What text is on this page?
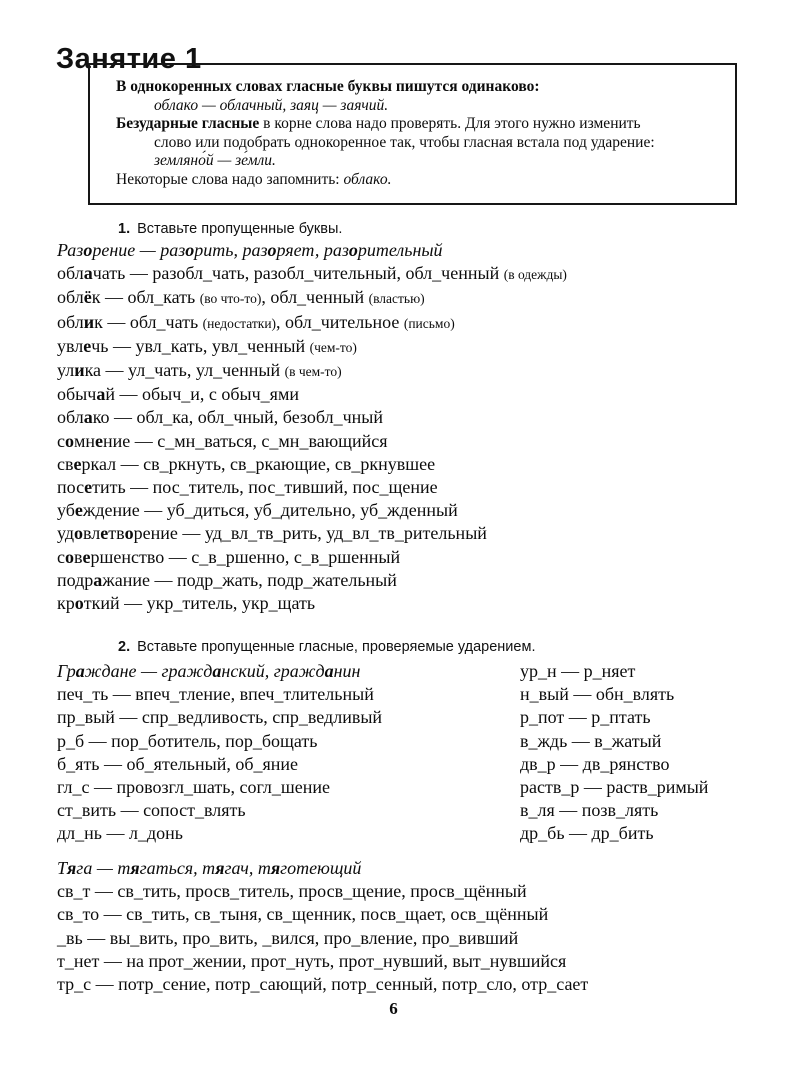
Занятие 1

В однокоренных словах гласные буквы пишутся одинаково:

облако — облачный, заяц — заячий.

Безударные гласные в корне слова надо проверять. Для этого нужно изменить

слово или подобрать однокоренное так, чтобы гласная встала под ударение:

земляно́й — зе́мли.

Некоторые слова надо запомнить: облако.

1. Вставьте пропущенные буквы.

Разорение — разорить, разоряет, разорительный

облачать — разобл_чать, разобл_чительный, обл_ченный (в одежды)

облёк — обл_кать (во что-то), обл_ченный (властью)

облик — обл_чать (недостатки), обл_чительное (письмо)

увлечь — увл_кать, увл_ченный (чем-то)

улика — ул_чать, ул_ченный (в чем-то)

обычай — обыч_и, с обыч_ями

облако — обл_ка, обл_чный, безобл_чный

сомнение — с_мн_ваться, с_мн_вающийся

сверкал — св_ркнуть, св_ркающие, св_ркнувшее

посетить — пос_титель, пос_тивший, пос_щение

убеждение — уб_диться, уб_дительно, уб_жденный

удовлетворение — уд_вл_тв_рить, уд_вл_тв_рительный

совершенство — с_в_ршенно, с_в_ршенный

подражание — подр_жать, подр_жательный

кроткий — укр_титель, укр_щать

2. Вставьте пропущенные гласные, проверяемые ударением.

Граждане — гражданский, гражданин

печ_ть — впеч_тление, впеч_тлительный

пр_вый — спр_ведливость, спр_ведливый

р_б — пор_ботитель, пор_бощать

б_ять — об_ятельный, об_яние

гл_с — провозгл_шать, согл_шение

ст_вить — сопост_влять

дл_нь — л_донь

ур_н — р_няет

н_вый — обн_влять

р_пот — р_птать

в_ждь — в_жатый

дв_р — дв_рянство

раств_р — раств_римый

в_ля — позв_лять

др_бь — др_бить

Тяга — тягаться, тягач, тяготеющий

св_т — св_тить, просв_титель, просв_щение, просв_щённый

св_то — св_тить, св_тыня, св_щенник, посв_щает, осв_щённый

_вь — вы_вить, про_вить, _вился, про_вление, про_вивший

т_нет — на прот_жении, прот_нуть, прот_нувший, выт_нувшийся

тр_с — потр_сение, потр_сающий, потр_сенный, потр_сло, отр_сает

6
